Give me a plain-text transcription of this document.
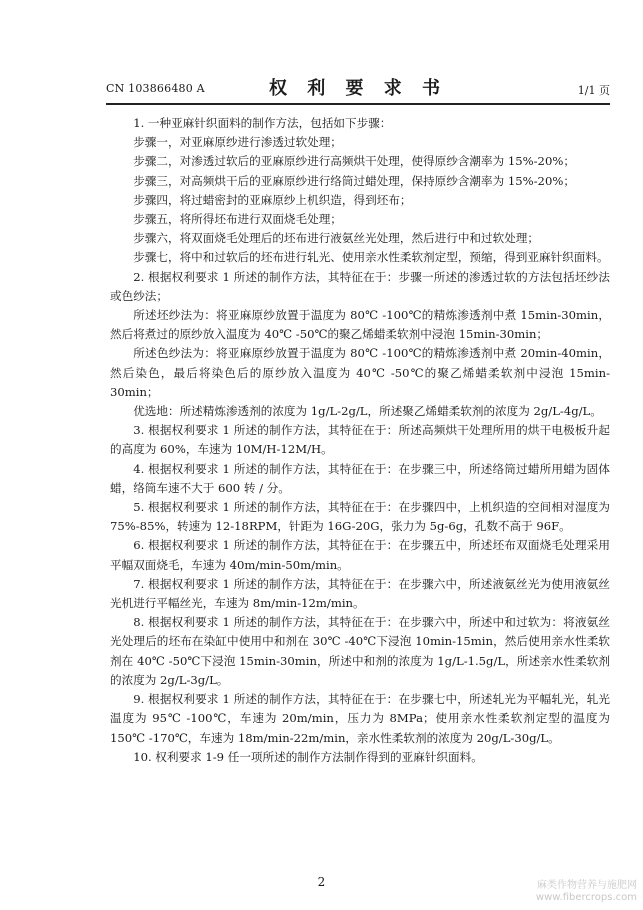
CN 103866480 A	权 利 要 求 书	1/1 页

1. 一种亚麻针织面料的制作方法，包括如下步骤：

步骤一，对亚麻原纱进行渗透过软处理；

步骤二，对渗透过软后的亚麻原纱进行高频烘干处理，使得原纱含潮率为 15%-20%；

步骤三，对高频烘干后的亚麻原纱进行络筒过蜡处理，保持原纱含潮率为 15%-20%；

步骤四，将过蜡密封的亚麻原纱上机织造，得到坯布；

步骤五，将所得坯布进行双面烧毛处理；

步骤六，将双面烧毛处理后的坯布进行液氨丝光处理，然后进行中和过软处理；

步骤七，将中和过软后的坯布进行轧光、使用亲水性柔软剂定型，预缩，得到亚麻针织面料。

2. 根据权利要求 1 所述的制作方法，其特征在于：步骤一所述的渗透过软的方法包括坯纱法或色纱法；

所述坯纱法为：将亚麻原纱放置于温度为 80℃ -100℃的精炼渗透剂中煮 15min-30min，然后将煮过的原纱放入温度为 40℃ -50℃的聚乙烯蜡柔软剂中浸泡 15min-30min；

所述色纱法为：将亚麻原纱放置于温度为 80℃ -100℃的精炼渗透剂中煮 20min-40min，然后染色，最后将染色后的原纱放入温度为 40℃ -50℃的聚乙烯蜡柔软剂中浸泡 15min-30min；

优选地：所述精炼渗透剂的浓度为 1g/L-2g/L，所述聚乙烯蜡柔软剂的浓度为 2g/L-4g/L。

3. 根据权利要求 1 所述的制作方法，其特征在于：所述高频烘干处理所用的烘干电极板升起的高度为 60%，车速为 10M/H-12M/H。

4. 根据权利要求 1 所述的制作方法，其特征在于：在步骤三中，所述络筒过蜡所用蜡为固体蜡，络筒车速不大于 600 转 / 分。

5. 根据权利要求 1 所述的制作方法，其特征在于：在步骤四中，上机织造的空间相对湿度为 75%-85%，转速为 12-18RPM，针距为 16G-20G，张力为 5g-6g，孔数不高于 96F。

6. 根据权利要求 1 所述的制作方法，其特征在于：在步骤五中，所述坯布双面烧毛处理采用平幅双面烧毛，车速为 40m/min-50m/min。

7. 根据权利要求 1 所述的制作方法，其特征在于：在步骤六中，所述液氨丝光为使用液氨丝光机进行平幅丝光，车速为 8m/min-12m/min。

8. 根据权利要求 1 所述的制作方法，其特征在于：在步骤六中，所述中和过软为：将液氨丝光处理后的坯布在染缸中使用中和剂在 30℃ -40℃下浸泡 10min-15min，然后使用亲水性柔软剂在 40℃ -50℃下浸泡 15min-30min，所述中和剂的浓度为 1g/L-1.5g/L，所述亲水性柔软剂的浓度为 2g/L-3g/L。

9. 根据权利要求 1 所述的制作方法，其特征在于：在步骤七中，所述轧光为平幅轧光，轧光温度为 95℃ -100℃，车速为 20m/min，压力为 8MPa；使用亲水性柔软剂定型的温度为 150℃ -170℃，车速为 18m/min-22m/min，亲水性柔软剂的浓度为 20g/L-30g/L。

10. 权利要求 1-9 任一项所述的制作方法制作得到的亚麻针织面料。

2	麻类作物营养与施肥网
www.fibercrops.com
